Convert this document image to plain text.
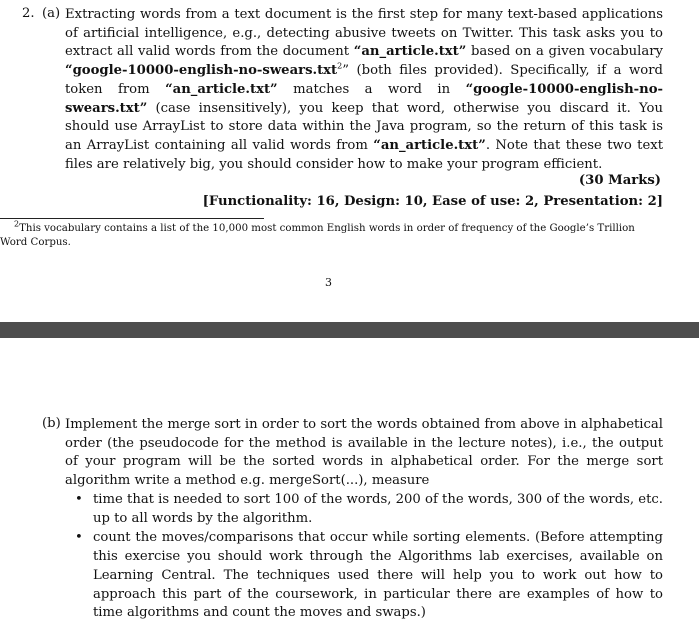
2. (a) Extracting words from a text document is the first step for many text-based applications of artificial intelligence, e.g., detecting abusive tweets on Twitter. This task asks you to extract all valid words from the document “an_article.txt” based on a given vocabulary “google-10000-english-no-swears.txt$^2$” (both files provided). Specifically, if a word token from “an_article.txt” matches a word in “google-10000-english-no-swears.txt” (case insensitively), you keep that word, otherwise you discard it. You should use ArrayList to store data within the Java program, so the return of this task is an ArrayList containing all valid words from “an_article.txt”. Note that these two text files are relatively big, you should consider how to make your program efficient.
(30 Marks)
[Functionality: 16, Design: 10, Ease of use: 2, Presentation: 2]
$^2$This vocabulary contains a list of the 10,000 most common English words in order of frequency of the Google’s Trillion Word Corpus.
3
(b) Implement the merge sort in order to sort the words obtained from above in alphabetical order (the pseudocode for the method is available in the lecture notes), i.e., the output of your program will be the sorted words in alphabetical order. For the merge sort algorithm write a method e.g. mergeSort(...), measure
• time that is needed to sort 100 of the words, 200 of the words, 300 of the words, etc. up to all words by the algorithm.
• count the moves/comparisons that occur while sorting elements. (Before attempting this exercise you should work through the Algorithms lab exercises, available on Learning Central. The techniques used there will help you to work out how to approach this part of the coursework, in particular there are examples of how to time algorithms and count the moves and swaps.)
